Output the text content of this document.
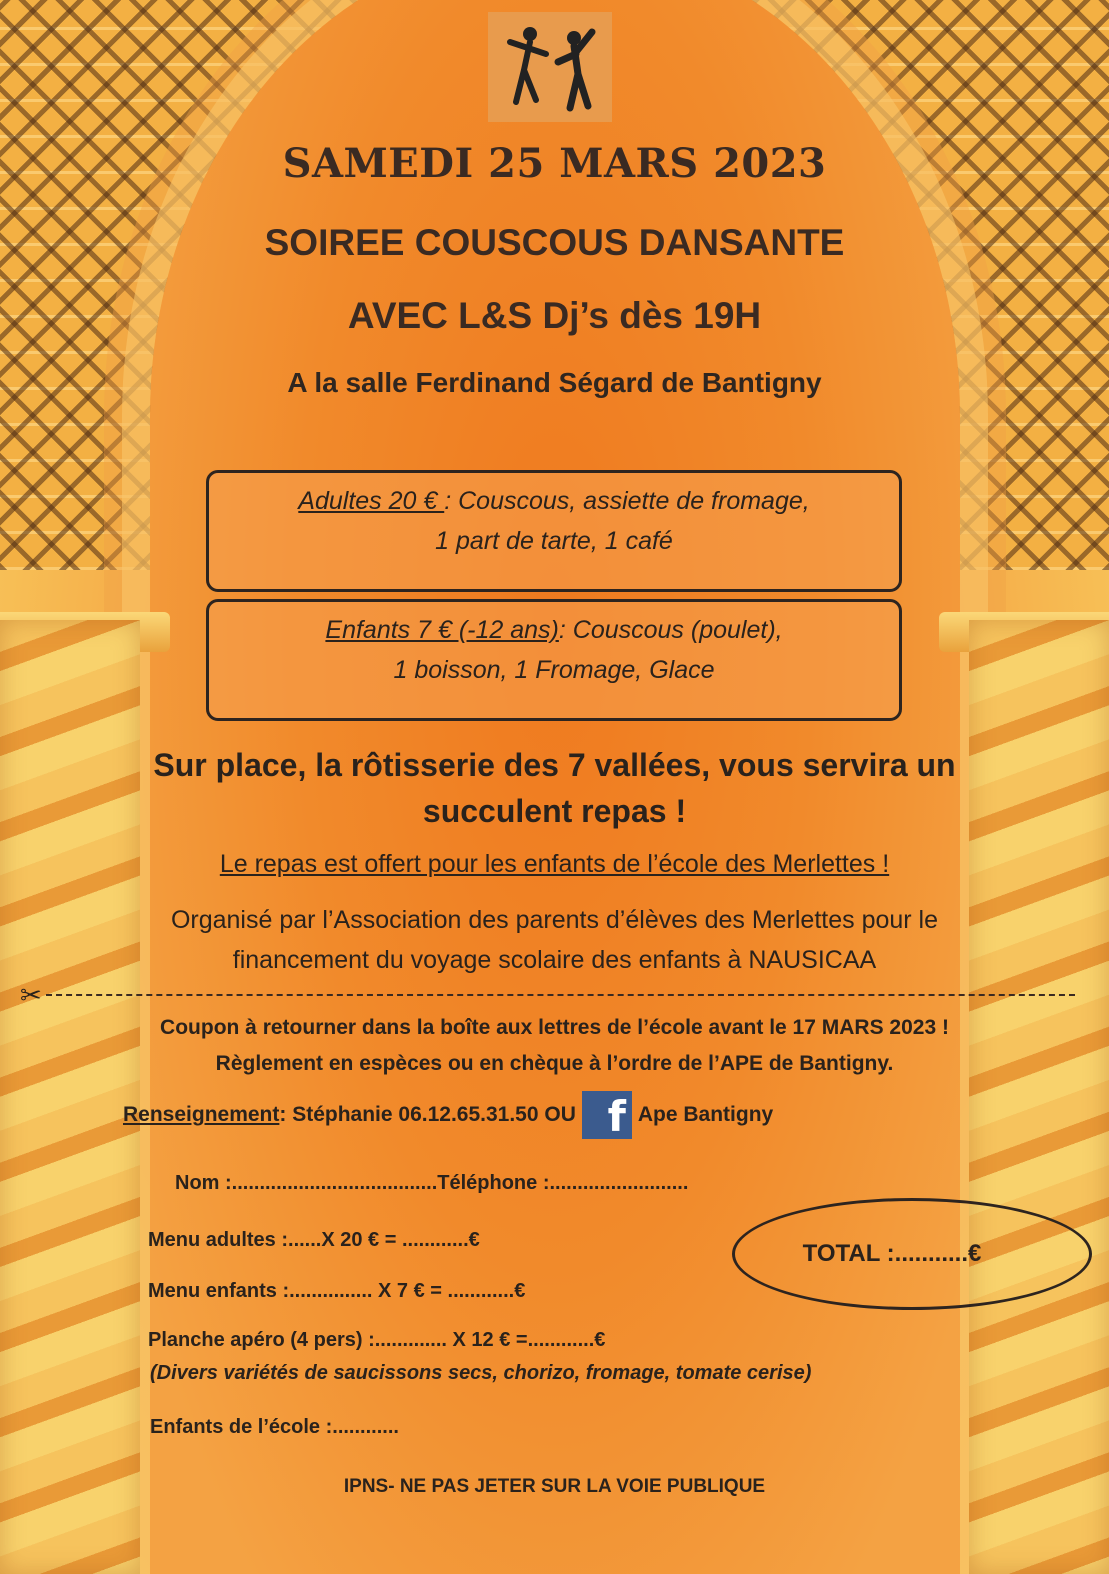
SAMEDI 25 MARS 2023
SOIREE COUSCOUS DANSANTE
AVEC L&S Dj’s dès 19H
A la salle Ferdinand Ségard de Bantigny
Adultes 20 € : Couscous, assiette de fromage,
1 part de tarte, 1 café
Enfants 7 € (-12 ans): Couscous (poulet),
1 boisson, 1 Fromage, Glace
Sur place, la rôtisserie des 7 vallées, vous servira un
succulent repas !
Le repas est offert pour les enfants de l’école des Merlettes !
Organisé par l’Association des parents d’élèves des Merlettes pour le
financement du voyage scolaire des enfants à NAUSICAA
✂
Coupon à retourner dans la boîte aux lettres de l’école avant le 17 MARS 2023 !
Règlement en espèces ou en chèque à l’ordre de l’APE de Bantigny.
Renseignement : Stéphanie 06.12.65.31.50 OU f Ape Bantigny
Nom :.....................................Téléphone :.........................
Menu adultes :......X 20 € = ............€
Menu enfants :............... X 7 € = ............€
Planche apéro (4 pers) :............. X 12 € =............€
(Divers variétés de saucissons secs, chorizo, fromage, tomate cerise)
Enfants de l’école :............
TOTAL :...........€
IPNS- NE PAS JETER SUR LA VOIE PUBLIQUE
